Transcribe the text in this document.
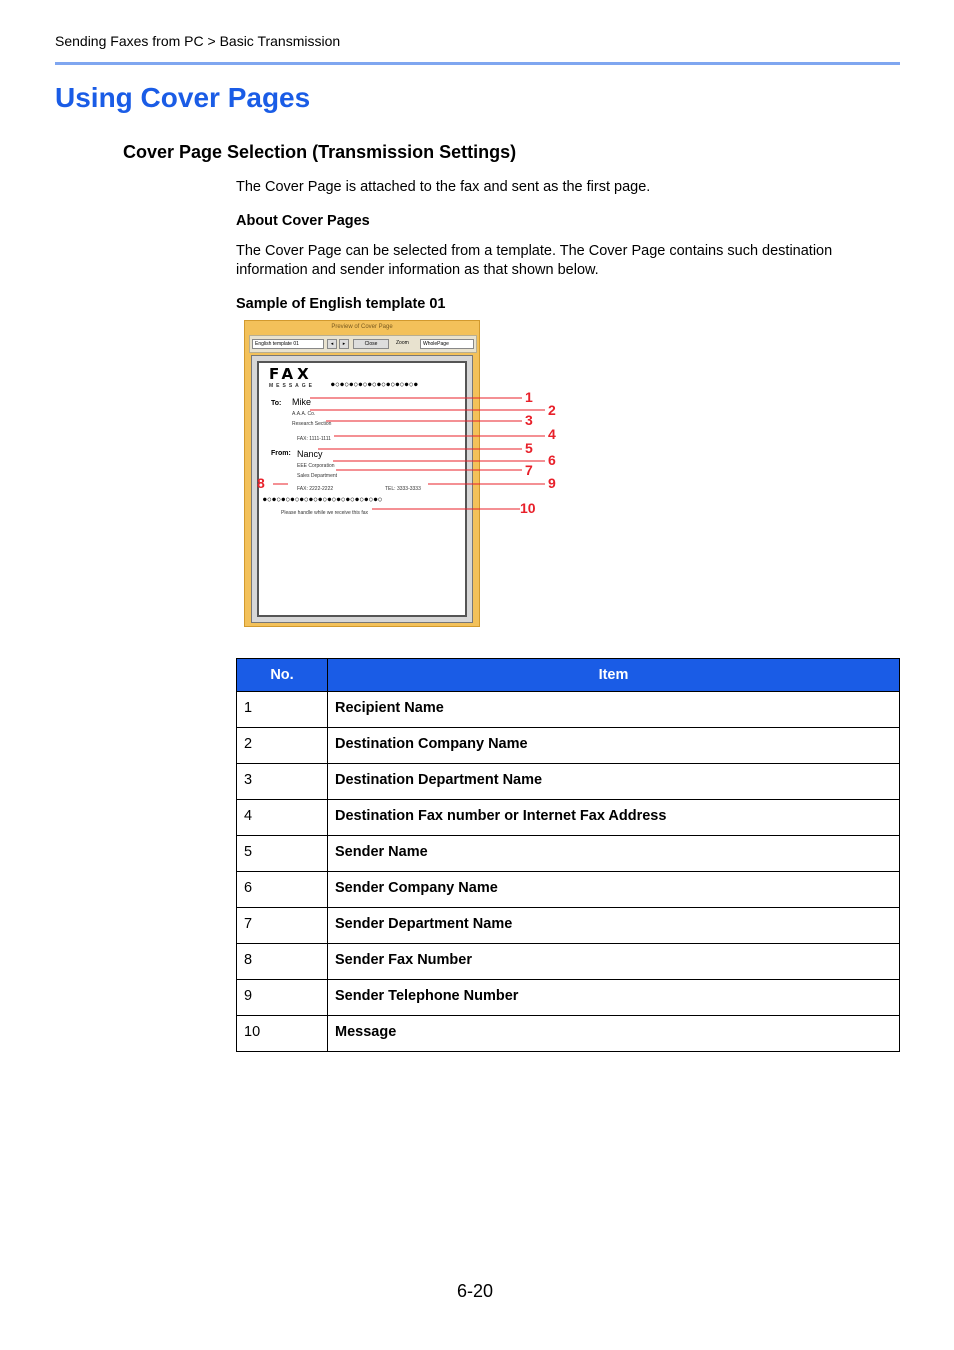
Sending Faxes from PC > Basic Transmission
Using Cover Pages
Cover Page Selection (Transmission Settings)

The Cover Page is attached to the fax and sent as the first page.

About Cover Pages

The Cover Page can be selected from a template. The Cover Page contains such destination information and sender information as that shown below.

Sample of English template 01

Preview of Cover Page
English template 01	◂	▸	Close	Zoom	WholePage
FAX
MESSAGE	●○●○●○●○●○●○●○●○●○●
To: Mike
A.A.A. Co.
Research Section
FAX: 1111-1111
From: Nancy
EEE Corporation
Sales Department
FAX: 2222-2222	TEL: 3333-3333
●○●○●○●○●○●○●○●○●○●○●○●○●○
Please handle while we receive this fax
1
2
3
4
5
6
7
8	9
10
No.	Item
1	Recipient Name
2	Destination Company Name
3	Destination Department Name
4	Destination Fax number or Internet Fax Address
5	Sender Name
6	Sender Company Name
7	Sender Department Name
8	Sender Fax Number
9	Sender Telephone Number
10	Message
6-20
